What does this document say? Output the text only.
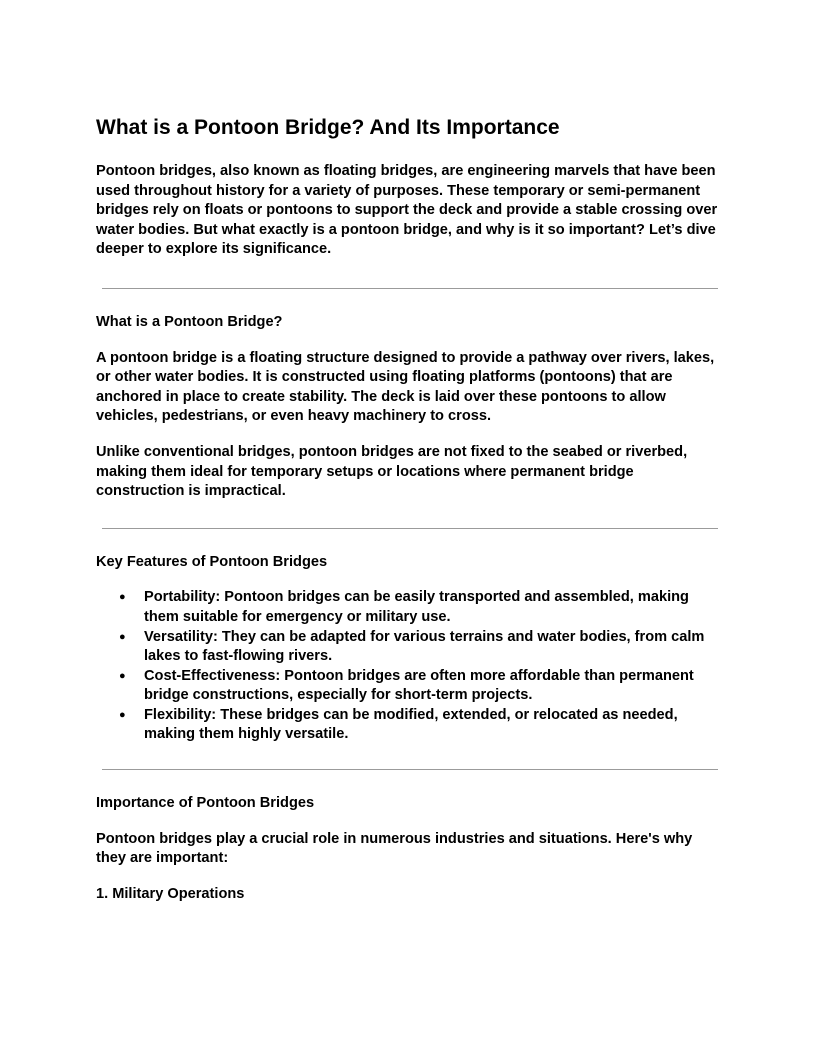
What is a Pontoon Bridge? And Its Importance

Pontoon bridges, also known as floating bridges, are engineering marvels that have been used throughout history for a variety of purposes. These temporary or semi-permanent bridges rely on floats or pontoons to support the deck and provide a stable crossing over water bodies. But what exactly is a pontoon bridge, and why is it so important? Let’s dive deeper to explore its significance.

What is a Pontoon Bridge?

A pontoon bridge is a floating structure designed to provide a pathway over rivers, lakes, or other water bodies. It is constructed using floating platforms (pontoons) that are anchored in place to create stability. The deck is laid over these pontoons to allow vehicles, pedestrians, or even heavy machinery to cross.

Unlike conventional bridges, pontoon bridges are not fixed to the seabed or riverbed, making them ideal for temporary setups or locations where permanent bridge construction is impractical.

Key Features of Pontoon Bridges
● Portability: Pontoon bridges can be easily transported and assembled, making them suitable for emergency or military use.
● Versatility: They can be adapted for various terrains and water bodies, from calm lakes to fast-flowing rivers.
● Cost-Effectiveness: Pontoon bridges are often more affordable than permanent bridge constructions, especially for short-term projects.
● Flexibility: These bridges can be modified, extended, or relocated as needed, making them highly versatile.
Importance of Pontoon Bridges

Pontoon bridges play a crucial role in numerous industries and situations. Here's why they are important:

1. Military Operations
